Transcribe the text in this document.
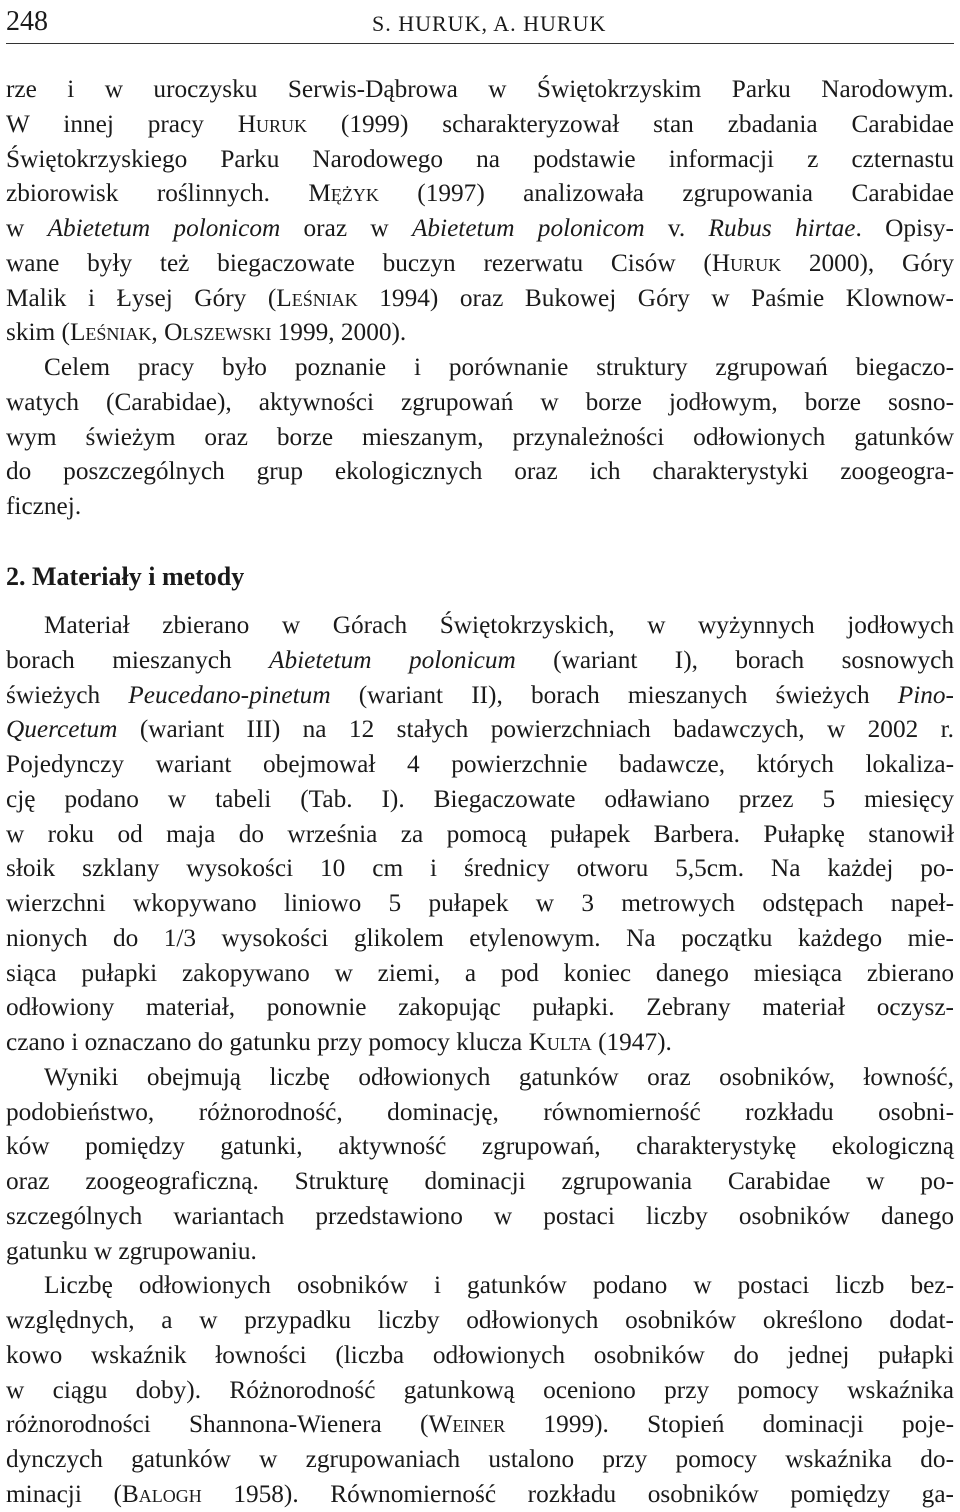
248	S. HURUK, A. HURUK
rze i w uroczysku Serwis-Dąbrowa w Świętokrzyskim Parku Narodowym.
W innej pracy Huruk (1999) scharakteryzował stan zbadania Carabidae
Świętokrzyskiego Parku Narodowego na podstawie informacji z czternastu
zbiorowisk roślinnych. Mężyk (1997) analizowała zgrupowania Carabidae
w Abietetum polonicom oraz w Abietetum polonicom v. Rubus hirtae. Opisy-
wane były też biegaczowate buczyn rezerwatu Cisów (Huruk 2000), Góry
Malik i Łysej Góry (Leśniak 1994) oraz Bukowej Góry w Paśmie Klownow-
skim (Leśniak, Olszewski 1999, 2000).
Celem pracy było poznanie i porównanie struktury zgrupowań biegaczo-
watych (Carabidae), aktywności zgrupowań w borze jodłowym, borze sosno-
wym świeżym oraz borze mieszanym, przynależności odłowionych gatunków
do poszczególnych grup ekologicznych oraz ich charakterystyki zoogeogra-
ficznej.
2. Materiały i metody
Materiał zbierano w Górach Świętokrzyskich, w wyżynnych jodłowych
borach mieszanych Abietetum polonicum (wariant I), borach sosnowych
świeżych Peucedano-pinetum (wariant II), borach mieszanych świeżych Pino-
Quercetum (wariant III) na 12 stałych powierzchniach badawczych, w 2002 r.
Pojedynczy wariant obejmował 4 powierzchnie badawcze, których lokaliza-
cję podano w tabeli (Tab. I). Biegaczowate odławiano przez 5 miesięcy
w roku od maja do września za pomocą pułapek Barbera. Pułapkę stanowił
słoik szklany wysokości 10 cm i średnicy otworu 5,5cm. Na każdej po-
wierzchni wkopywano liniowo 5 pułapek w 3 metrowych odstępach napeł-
nionych do 1/3 wysokości glikolem etylenowym. Na początku każdego mie-
siąca pułapki zakopywano w ziemi, a pod koniec danego miesiąca zbierano
odłowiony materiał, ponownie zakopując pułapki. Zebrany materiał oczysz-
czano i oznaczano do gatunku przy pomocy klucza Kulta (1947).
Wyniki obejmują liczbę odłowionych gatunków oraz osobników, łowność,
podobieństwo, różnorodność, dominację, równomierność rozkładu osobni-
ków pomiędzy gatunki, aktywność zgrupowań, charakterystykę ekologiczną
oraz zoogeograficzną. Strukturę dominacji zgrupowania Carabidae w po-
szczególnych wariantach przedstawiono w postaci liczby osobników danego
gatunku w zgrupowaniu.
Liczbę odłowionych osobników i gatunków podano w postaci liczb bez-
względnych, a w przypadku liczby odłowionych osobników określono dodat-
kowo wskaźnik łowności (liczba odłowionych osobników do jednej pułapki
w ciągu doby). Różnorodność gatunkową oceniono przy pomocy wskaźnika
różnorodności Shannona-Wienera (Weiner 1999). Stopień dominacji poje-
dynczych gatunków w zgrupowaniach ustalono przy pomocy wskaźnika do-
minacji (Balogh 1958). Równomierność rozkładu osobników pomiędzy ga-
